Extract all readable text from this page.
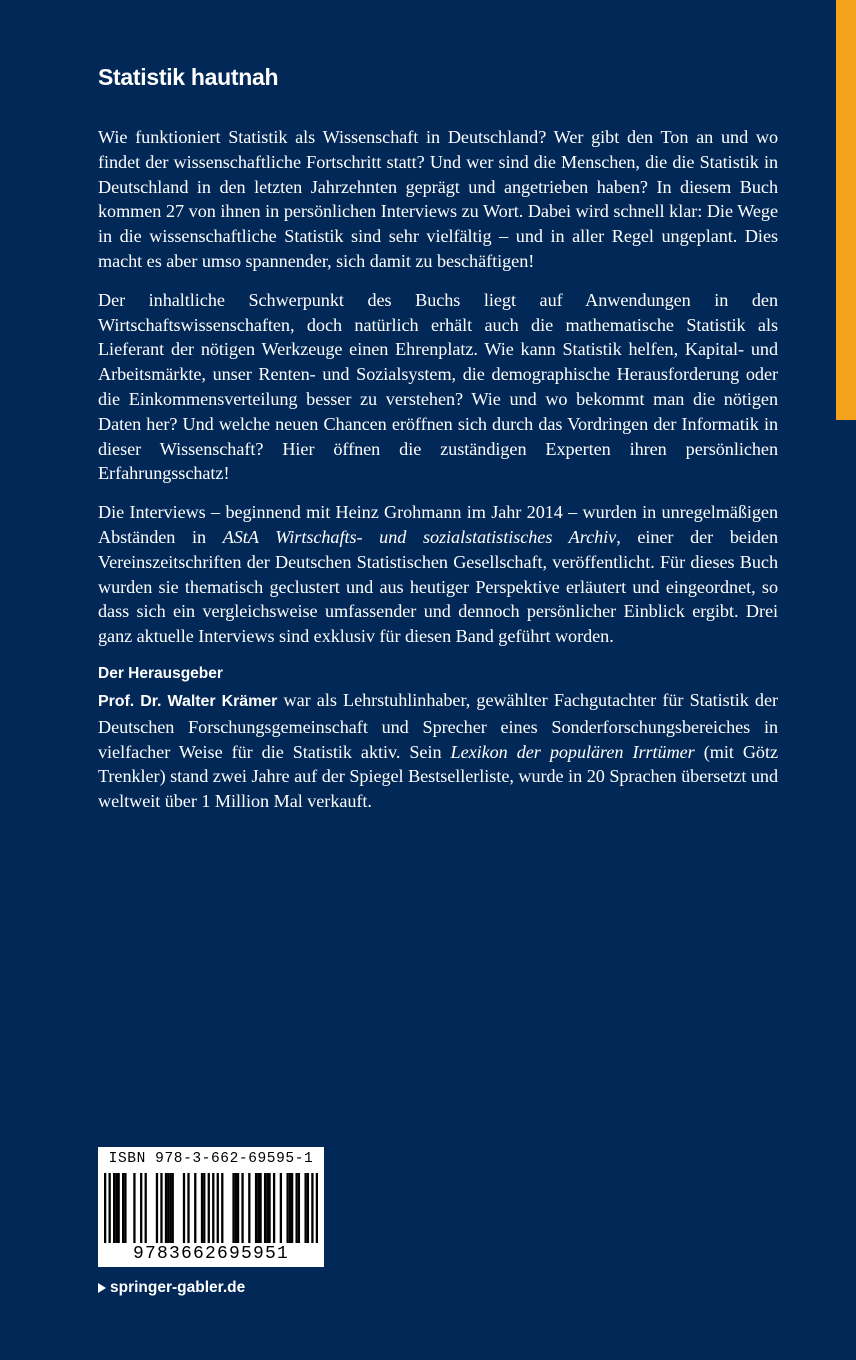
Statistik hautnah

Wie funktioniert Statistik als Wissenschaft in Deutschland? Wer gibt den Ton an und wo findet der wissenschaftliche Fortschritt statt? Und wer sind die Menschen, die die Statistik in Deutschland in den letzten Jahrzehnten geprägt und angetrieben haben? In diesem Buch kommen 27 von ihnen in persönlichen Interviews zu Wort. Dabei wird schnell klar: Die Wege in die wissenschaftliche Statistik sind sehr vielfältig – und in aller Regel ungeplant. Dies macht es aber umso spannender, sich damit zu beschäftigen!

Der inhaltliche Schwerpunkt des Buchs liegt auf Anwendungen in den Wirtschaftswissenschaften, doch natürlich erhält auch die mathematische Statistik als Lieferant der nötigen Werkzeuge einen Ehrenplatz. Wie kann Statistik helfen, Kapital- und Arbeitsmärkte, unser Renten- und Sozialsystem, die demographische Herausforderung oder die Einkommensverteilung besser zu verstehen? Wie und wo bekommt man die nötigen Daten her? Und welche neuen Chancen eröffnen sich durch das Vordringen der Informatik in dieser Wissenschaft? Hier öffnen die zuständigen Experten ihren persönlichen Erfahrungsschatz!

Die Interviews – beginnend mit Heinz Grohmann im Jahr 2014 – wurden in unregelmäßigen Abständen in AStA Wirtschafts- und sozialstatistisches Archiv, einer der beiden Vereinszeitschriften der Deutschen Statistischen Gesellschaft, veröffentlicht. Für dieses Buch wurden sie thematisch geclustert und aus heutiger Perspektive erläutert und eingeordnet, so dass sich ein vergleichsweise umfassender und dennoch persönlicher Einblick ergibt. Drei ganz aktuelle Interviews sind exklusiv für diesen Band geführt worden.

Der Herausgeber

Prof. Dr. Walter Krämer war als Lehrstuhlinhaber, gewählter Fachgutachter für Statistik der Deutschen Forschungsgemeinschaft und Sprecher eines Sonderforschungsbereiches in vielfacher Weise für die Statistik aktiv. Sein Lexikon der populären Irrtümer (mit Götz Trenkler) stand zwei Jahre auf der Spiegel Bestsellerliste, wurde in 20 Sprachen übersetzt und weltweit über 1 Million Mal verkauft.

ISBN 978-3-662-69595-1
9783662695951
springer-gabler.de
